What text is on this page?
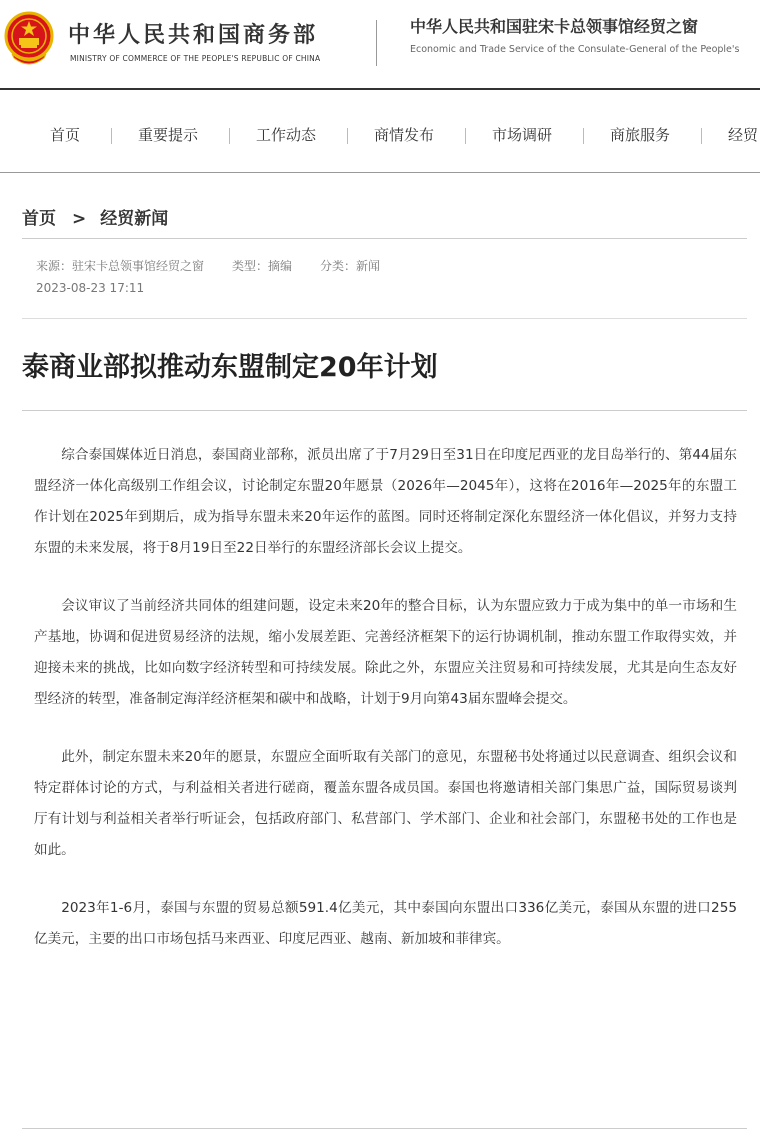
中华人民共和国商务部
MINISTRY OF COMMERCE OF THE PEOPLE'S REPUBLIC OF CHINA
中华人民共和国驻宋卡总领事馆经贸之窗
Economic and Trade Service of the Consulate-General of the People's
首页	重要提示	工作动态	商情发布	市场调研	商旅服务	经贸
首页 > 经贸新闻
来源：驻宋卡总领事馆经贸之窗 类型：摘编 分类：新闻
2023-08-23 17:11
泰商业部拟推动东盟制定20年计划

综合泰国媒体近日消息，泰国商业部称，派员出席了于7月29日至31日在印度尼西亚的龙目岛举行的、第44届东盟经济一体化高级别工作组会议，讨论制定东盟20年愿景（2026年—2045年），这将在2016年—2025年的东盟工作计划在2025年到期后，成为指导东盟未来20年运作的蓝图。同时还将制定深化东盟经济一体化倡议，并努力支持东盟的未来发展，将于8月19日至22日举行的东盟经济部长会议上提交。

会议审议了当前经济共同体的组建问题，设定未来20年的整合目标，认为东盟应致力于成为集中的单一市场和生产基地，协调和促进贸易经济的法规，缩小发展差距、完善经济框架下的运行协调机制，推动东盟工作取得实效，并迎接未来的挑战，比如向数字经济转型和可持续发展。除此之外，东盟应关注贸易和可持续发展，尤其是向生态友好型经济的转型，准备制定海洋经济框架和碳中和战略，计划于9月向第43届东盟峰会提交。

此外，制定东盟未来20年的愿景，东盟应全面听取有关部门的意见，东盟秘书处将通过以民意调查、组织会议和特定群体讨论的方式，与利益相关者进行磋商，覆盖东盟各成员国。泰国也将邀请相关部门集思广益，国际贸易谈判厅有计划与利益相关者举行听证会，包括政府部门、私营部门、学术部门、企业和社会部门，东盟秘书处的工作也是如此。

2023年1-6月，泰国与东盟的贸易总额591.4亿美元，其中泰国向东盟出口336亿美元，泰国从东盟的进口255亿美元，主要的出口市场包括马来西亚、印度尼西亚、越南、新加坡和菲律宾。
